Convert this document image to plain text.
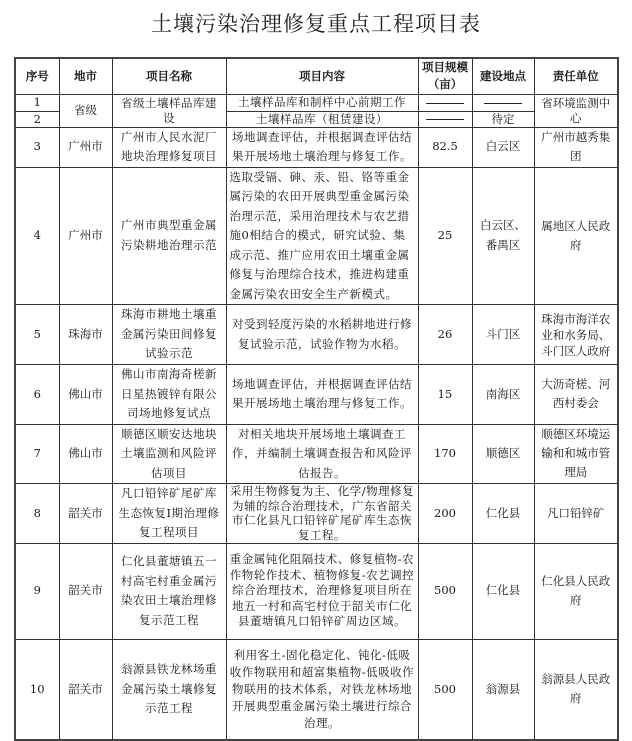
土壤污染治理修复重点工程项目表
序号	地市	项目名称	项目内容	项目规模（亩）	建设地点	责任单位
1	省级	省级土壤样品库建设	土壤样品库和制样中心前期工作			省环境监测中心
2			土壤样品库（租赁建设）		待定	
3	广州市	广州市人民水泥厂地块治理修复项目	场地调查评估，并根据调查评估结果开展场地土壤治理与修复工作。	82.5	白云区	广州市越秀集团
4	广州市	广州市典型重金属污染耕地治理示范	选取受镉、砷、汞、铅、铬等重金属污染的农田开展典型重金属污染治理示范，采用治理技术与农艺措施0相结合的模式，研究试验、集成示范、推广应用农田土壤重金属修复与治理综合技术，推进构建重金属污染农田安全生产新模式。	25	白云区、番禺区	属地区人民政府
5	珠海市	珠海市耕地土壤重金属污染田间修复试验示范	对受到轻度污染的水稻耕地进行修复试验示范，试验作物为水稻。	26	斗门区	珠海市海洋农业和水务局、斗门区人政府
6	佛山市	佛山市南海奇槎新日星热镀锌有限公司场地修复试点	场地调查评估，并根据调查评估结果开展场地土壤治理与修复工作。	15	南海区	大沥奇槎、河西村委会
7	佛山市	顺德区顺安达地块土壤监测和风险评估项目	对相关地块开展场地土壤调查工作，并编制土壤调查报告和风险评估报告。	170	顺德区	顺德区环境运输和和城市管理局
8	韶关市	凡口铅锌矿尾矿库生态恢复Ⅰ期治理修复工程项目	采用生物修复为主、化学/物理修复为辅的综合治理技术，广东省韶关市仁化县凡口铅锌矿尾矿库生态恢复工程。	200	仁化县	凡口铅锌矿
9	韶关市	仁化县董塘镇五一村高宅村重金属污染农田土壤治理修复示范工程	重金属钝化阻隔技术、修复植物-农作物轮作技术、植物修复-农艺调控综合治理技术，治理修复项目所在地五一村和高宅村位于韶关市仁化县董塘镇凡口铅锌矿周边区域。	500	仁化县	仁化县人民政府
10	韶关市	翁源县铁龙林场重金属污染土壤修复示范工程	利用客土-固化稳定化、钝化-低吸收作物联用和超富集植物-低吸收作物联用的技术体系，对铁龙林场地开展典型重金属污染土壤进行综合治理。	500	翁源县	翁源县人民政府
